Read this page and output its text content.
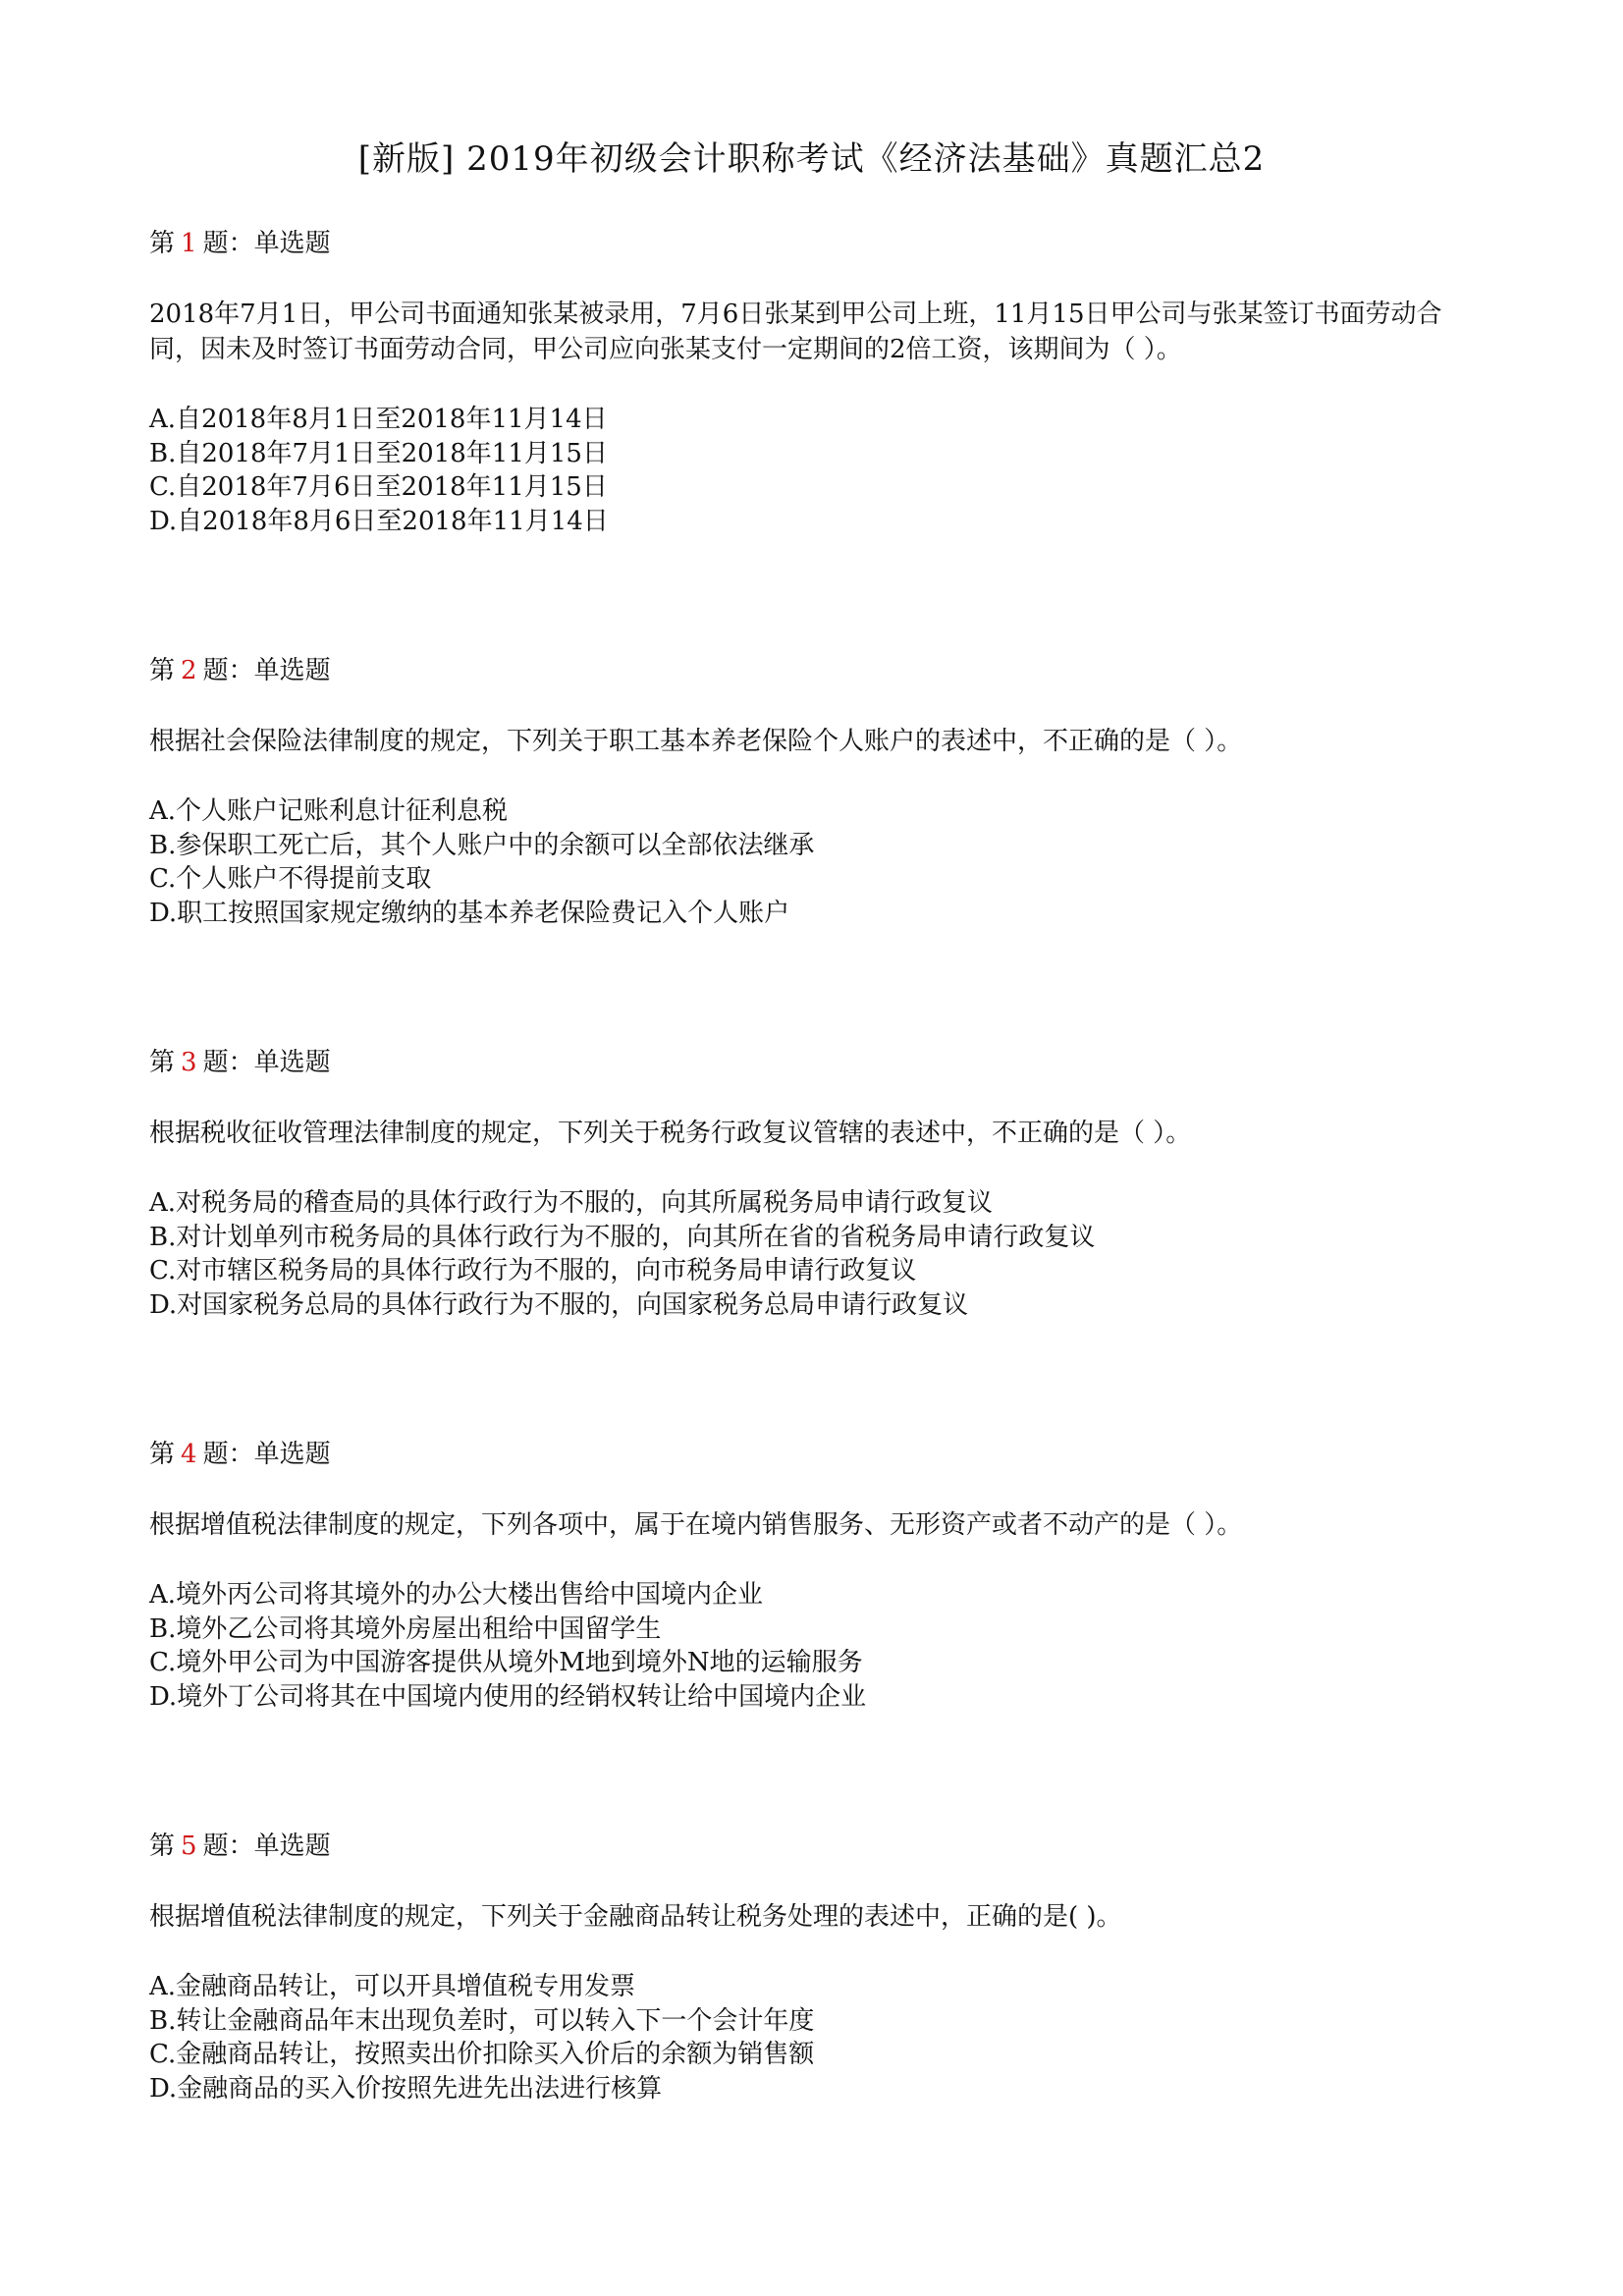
[新版] 2019年初级会计职称考试《经济法基础》真题汇总2
第 1 题：单选题
2018年7月1日，甲公司书面通知张某被录用，7月6日张某到甲公司上班，11月15日甲公司与张某签订书面劳动合同，因未及时签订书面劳动合同，甲公司应向张某支付一定期间的2倍工资，该期间为（ ）。
A.自2018年8月1日至2018年11月14日
B.自2018年7月1日至2018年11月15日
C.自2018年7月6日至2018年11月15日
D.自2018年8月6日至2018年11月14日
第 2 题：单选题
根据社会保险法律制度的规定，下列关于职工基本养老保险个人账户的表述中，不正确的是（ ）。
A.个人账户记账利息计征利息税
B.参保职工死亡后，其个人账户中的余额可以全部依法继承
C.个人账户不得提前支取
D.职工按照国家规定缴纳的基本养老保险费记入个人账户
第 3 题：单选题
根据税收征收管理法律制度的规定，下列关于税务行政复议管辖的表述中，不正确的是（ ）。
A.对税务局的稽查局的具体行政行为不服的，向其所属税务局申请行政复议
B.对计划单列市税务局的具体行政行为不服的，向其所在省的省税务局申请行政复议
C.对市辖区税务局的具体行政行为不服的，向市税务局申请行政复议
D.对国家税务总局的具体行政行为不服的，向国家税务总局申请行政复议
第 4 题：单选题
根据增值税法律制度的规定，下列各项中，属于在境内销售服务、无形资产或者不动产的是（ ）。
A.境外丙公司将其境外的办公大楼出售给中国境内企业
B.境外乙公司将其境外房屋出租给中国留学生
C.境外甲公司为中国游客提供从境外M地到境外N地的运输服务
D.境外丁公司将其在中国境内使用的经销权转让给中国境内企业
第 5 题：单选题
根据增值税法律制度的规定，下列关于金融商品转让税务处理的表述中，正确的是( )。
A.金融商品转让，可以开具增值税专用发票
B.转让金融商品年末出现负差时，可以转入下一个会计年度
C.金融商品转让，按照卖出价扣除买入价后的余额为销售额
D.金融商品的买入价按照先进先出法进行核算
